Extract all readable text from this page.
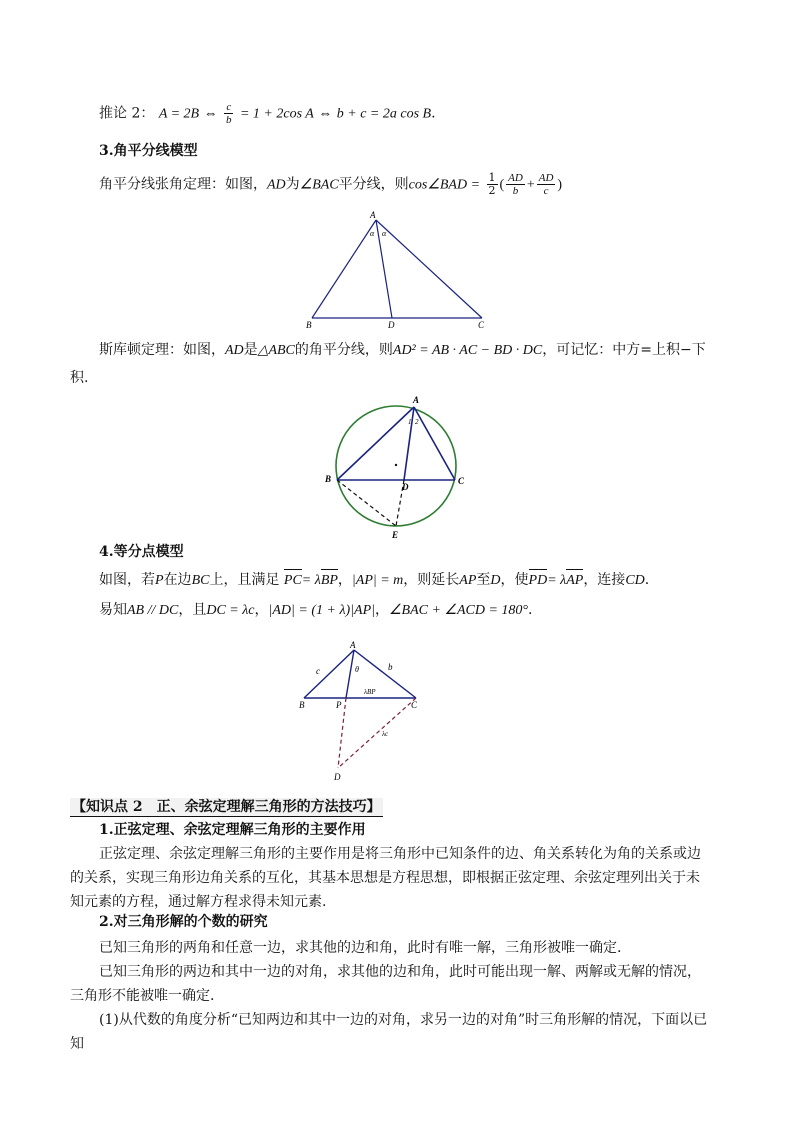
推论 2： A = 2B ⇔ $\frac{c}{b} = 1 + 2\cos$ A ⇔ b + c = 2a cos B.
3.角平分线模型
角平分线张角定理：如图，AD为∠BAC平分线，则cos∠BAD = $\frac{1}{2}$ ( $\frac{AD}{b} + \frac{AD}{c}$ )
A
B	D	C
α α
斯库顿定理：如图，AD是△ABC的角平分线，则AD² = AB · AC − BD · DC，可记忆：中方=上积−下
积.
A
1 2
B
D
C
E
4.等分点模型
如图，若P在边BC上，且满足 PC= λBP，|AP| = m，则延长AP至D，使PD= λAP，连接CD.
易知AB // DC，且DC = λc，|AD| = (1 + λ)|AP|，∠BAC + ∠ACD = 180°.
A
θ
c	b
λBP
B	P	C
λc
D
【知识点 2　正、余弦定理解三角形的方法技巧】
1.正弦定理、余弦定理解三角形的主要作用
正弦定理、余弦定理解三角形的主要作用是将三角形中已知条件的边、角关系转化为角的关系或边的关系，实现三角形边角关系的互化，其基本思想是方程思想，即根据正弦定理、余弦定理列出关于未知元素的方程，通过解方程求得未知元素.
2.对三角形解的个数的研究
已知三角形的两角和任意一边，求其他的边和角，此时有唯一解，三角形被唯一确定.
已知三角形的两边和其中一边的对角，求其他的边和角，此时可能出现一解、两解或无解的情况，三角形不能被唯一确定.
(1)从代数的角度分析“已知两边和其中一边的对角，求另一边的对角”时三角形解的情况，下面以已知
